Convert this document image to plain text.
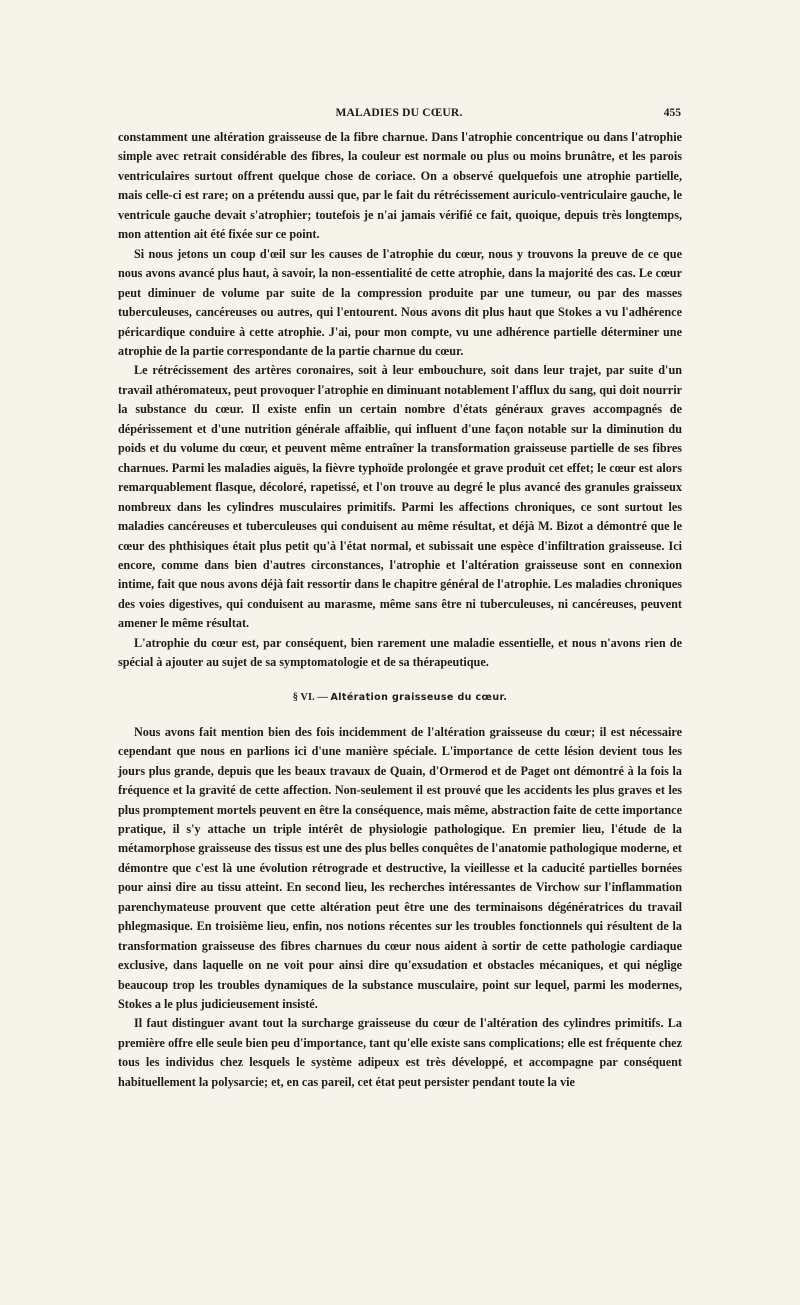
MALADIES DU CŒUR.	455

constamment une altération graisseuse de la fibre charnue. Dans l'atrophie concentrique ou dans l'atrophie simple avec retrait considérable des fibres, la couleur est normale ou plus ou moins brunâtre, et les parois ventriculaires surtout offrent quelque chose de coriace. On a observé quelquefois une atrophie partielle, mais celle-ci est rare; on a prétendu aussi que, par le fait du rétrécissement auriculo-ventriculaire gauche, le ventricule gauche devait s'atrophier; toutefois je n'ai jamais vérifié ce fait, quoique, depuis très longtemps, mon attention ait été fixée sur ce point.

Si nous jetons un coup d'œil sur les causes de l'atrophie du cœur, nous y trouvons la preuve de ce que nous avons avancé plus haut, à savoir, la non-essentialité de cette atrophie, dans la majorité des cas. Le cœur peut diminuer de volume par suite de la compression produite par une tumeur, ou par des masses tuberculeuses, cancéreuses ou autres, qui l'entourent. Nous avons dit plus haut que Stokes a vu l'adhérence péricardique conduire à cette atrophie. J'ai, pour mon compte, vu une adhérence partielle déterminer une atrophie de la partie correspondante de la partie charnue du cœur.

Le rétrécissement des artères coronaires, soit à leur embouchure, soit dans leur trajet, par suite d'un travail athéromateux, peut provoquer l'atrophie en diminuant notablement l'afflux du sang, qui doit nourrir la substance du cœur. Il existe enfin un certain nombre d'états généraux graves accompagnés de dépérissement et d'une nutrition générale affaiblie, qui influent d'une façon notable sur la diminution du poids et du volume du cœur, et peuvent même entraîner la transformation graisseuse partielle de ses fibres charnues. Parmi les maladies aiguës, la fièvre typhoïde prolongée et grave produit cet effet; le cœur est alors remarquablement flasque, décoloré, rapetissé, et l'on trouve au degré le plus avancé des granules graisseux nombreux dans les cylindres musculaires primitifs. Parmi les affections chroniques, ce sont surtout les maladies cancéreuses et tuberculeuses qui conduisent au même résultat, et déjà M. Bizot a démontré que le cœur des phthisiques était plus petit qu'à l'état normal, et subissait une espèce d'infiltration graisseuse. Ici encore, comme dans bien d'autres circonstances, l'atrophie et l'altération graisseuse sont en connexion intime, fait que nous avons déjà fait ressortir dans le chapitre général de l'atrophie. Les maladies chroniques des voies digestives, qui conduisent au marasme, même sans être ni tuberculeuses, ni cancéreuses, peuvent amener le même résultat.

L'atrophie du cœur est, par conséquent, bien rarement une maladie essentielle, et nous n'avons rien de spécial à ajouter au sujet de sa symptomatologie et de sa thérapeutique.

§ VI. — Altération graisseuse du cœur.

Nous avons fait mention bien des fois incidemment de l'altération graisseuse du cœur; il est nécessaire cependant que nous en parlions ici d'une manière spéciale. L'importance de cette lésion devient tous les jours plus grande, depuis que les beaux travaux de Quain, d'Ormerod et de Paget ont démontré à la fois la fréquence et la gravité de cette affection. Non-seulement il est prouvé que les accidents les plus graves et les plus promptement mortels peuvent en être la conséquence, mais même, abstraction faite de cette importance pratique, il s'y attache un triple intérêt de physiologie pathologique. En premier lieu, l'étude de la métamorphose graisseuse des tissus est une des plus belles conquêtes de l'anatomie pathologique moderne, et démontre que c'est là une évolution rétrograde et destructive, la vieillesse et la caducité partielles bornées pour ainsi dire au tissu atteint. En second lieu, les recherches intéressantes de Virchow sur l'inflammation parenchymateuse prouvent que cette altération peut être une des terminaisons dégénératrices du travail phlegmasique. En troisième lieu, enfin, nos notions récentes sur les troubles fonctionnels qui résultent de la transformation graisseuse des fibres charnues du cœur nous aident à sortir de cette pathologie cardiaque exclusive, dans laquelle on ne voit pour ainsi dire qu'exsudation et obstacles mécaniques, et qui néglige beaucoup trop les troubles dynamiques de la substance musculaire, point sur lequel, parmi les modernes, Stokes a le plus judicieusement insisté.

Il faut distinguer avant tout la surcharge graisseuse du cœur de l'altération des cylindres primitifs. La première offre elle seule bien peu d'importance, tant qu'elle existe sans complications; elle est fréquente chez tous les individus chez lesquels le système adipeux est très développé, et accompagne par conséquent habituellement la polysarcie; et, en cas pareil, cet état peut persister pendant toute la vie
